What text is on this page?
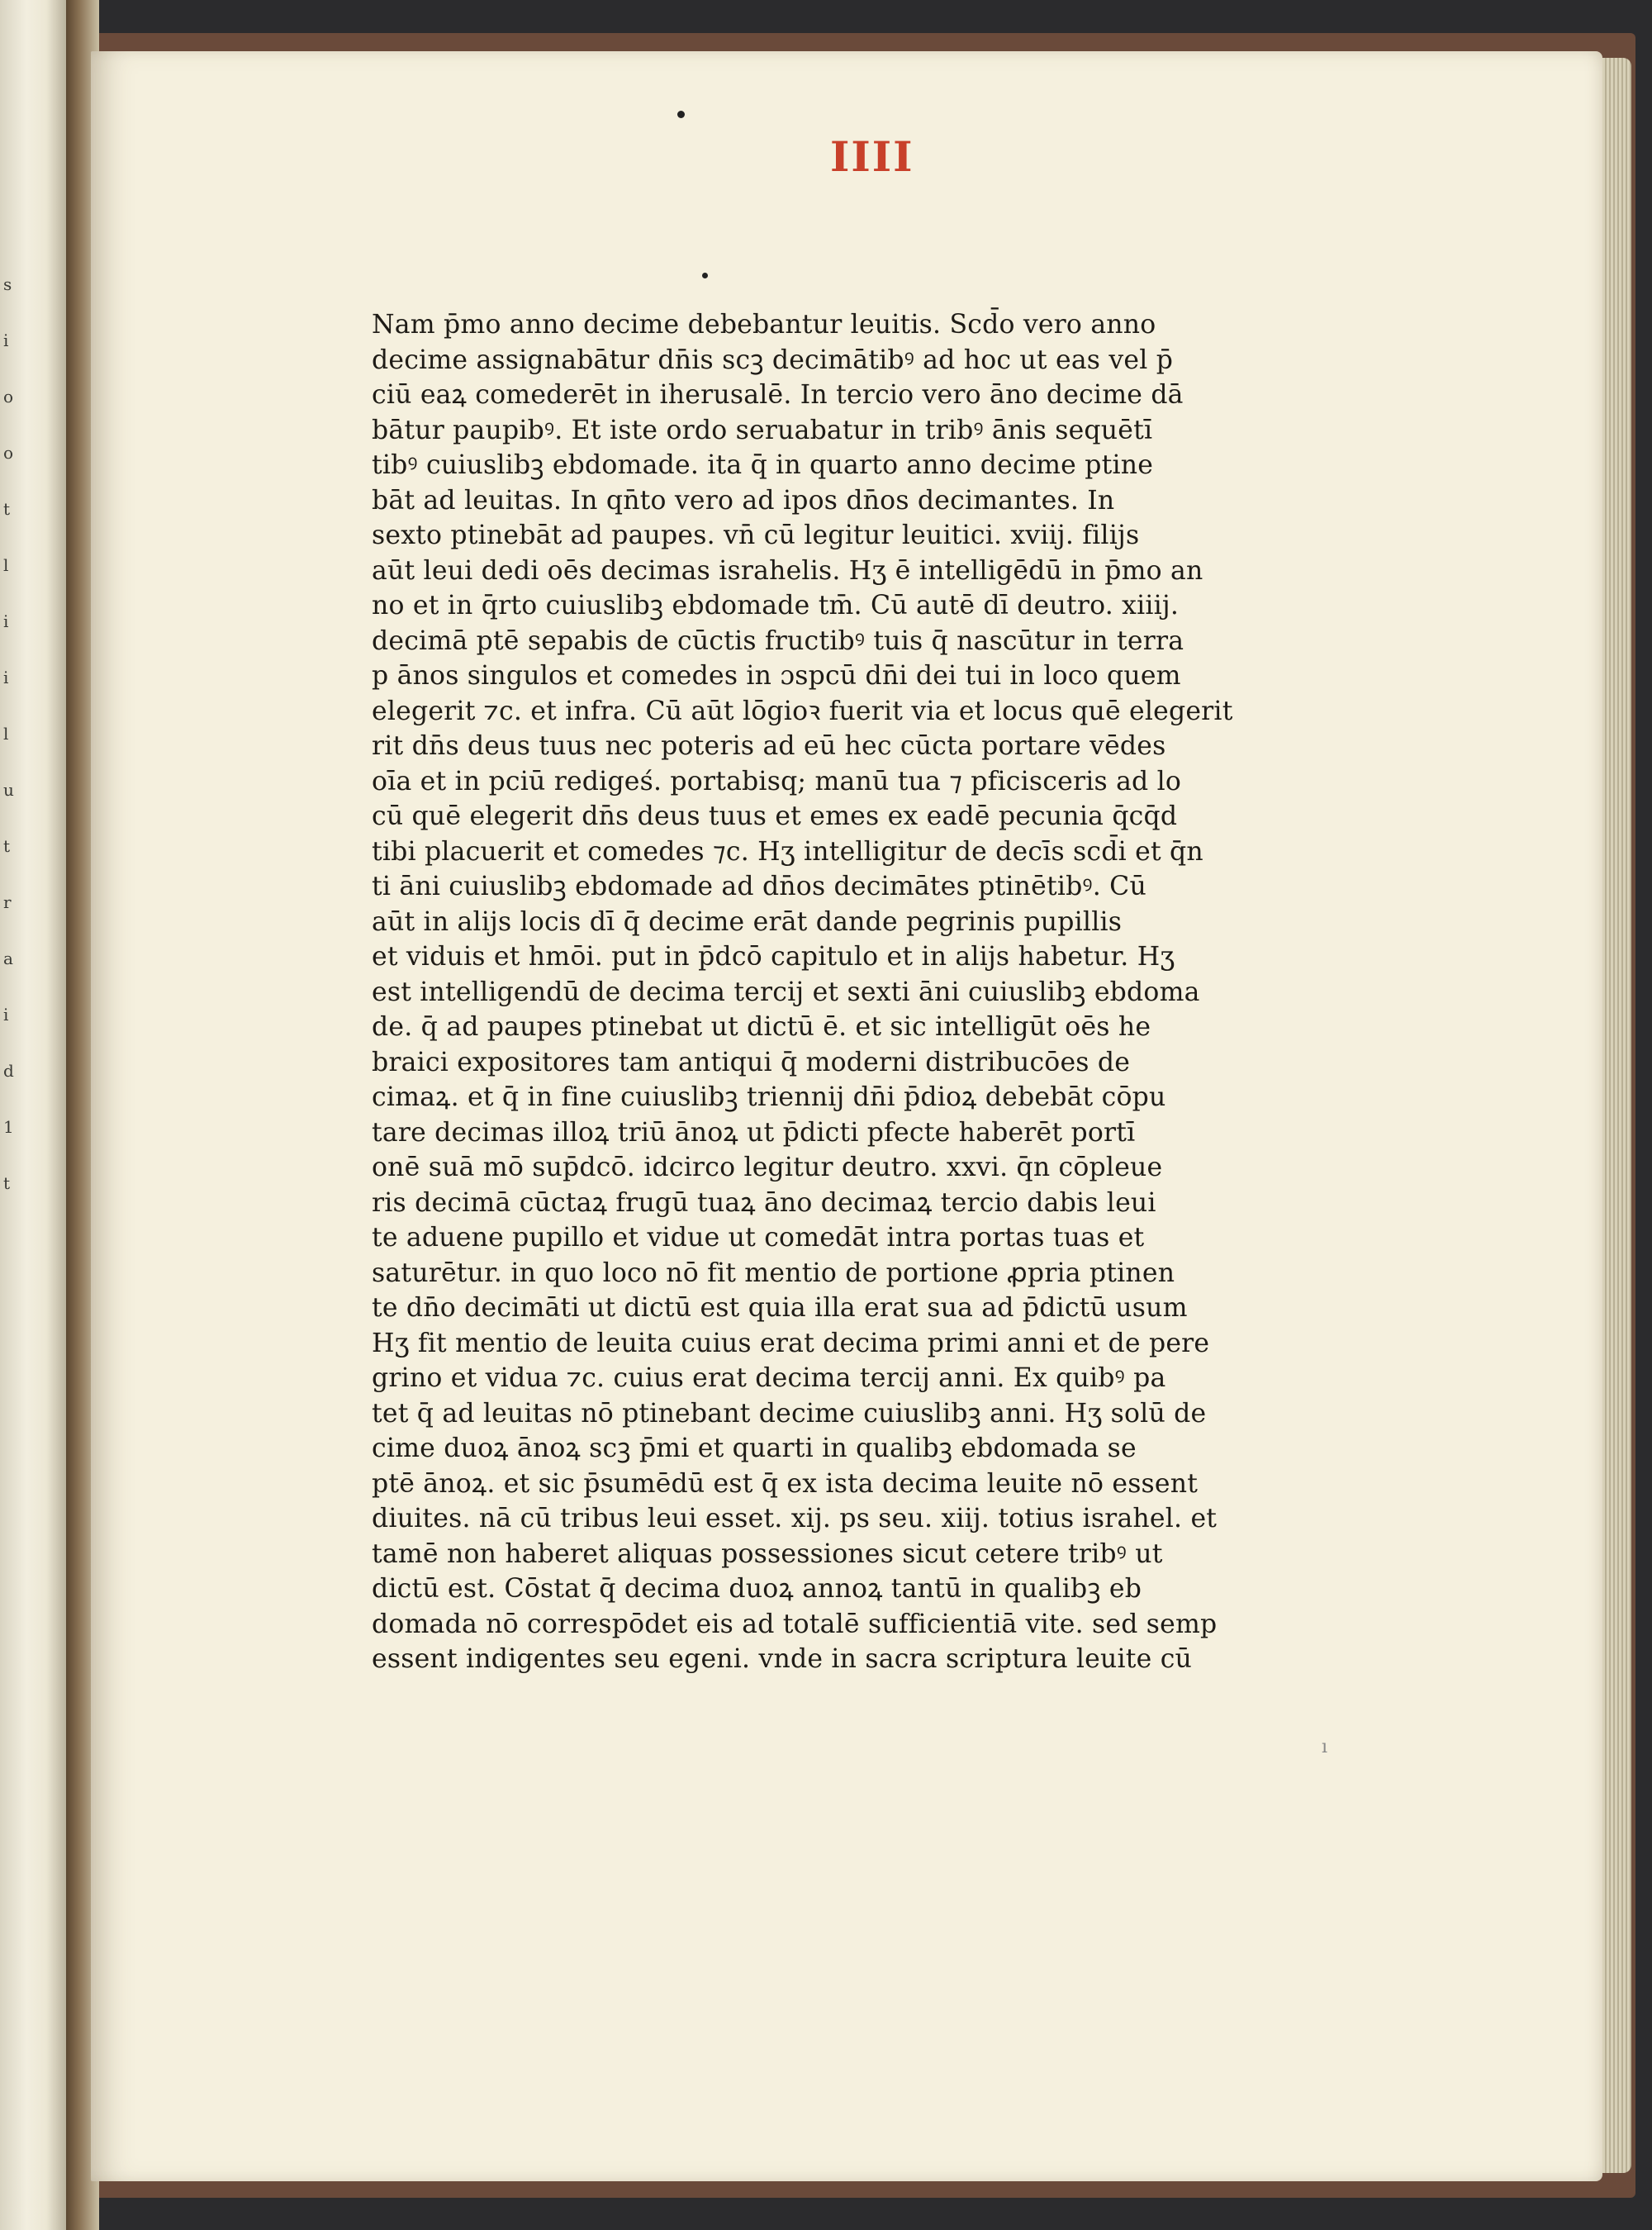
s
i
o
o
t
l
i
i
l
u
t
r
a
i
d
1
t
IIII
Nam p̄mo anno decime debebantur leuitis. Scd̄o vero anno
decime assignabātur dn̄is scꝫ decimātibꝰ ad hoc ut eas vel p̄
ciū eaꝝ comederēt in iherusalē. In tercio vero āno decime dā
bātur paupibꝰ. Et iste ordo seruabatur in tribꝰ ānis sequētī
tibꝰ cuiuslibꝫ ebdomade. ita q̄ in quarto anno decime ptine
bāt ad leuitas. In qn̄to vero ad ipos dn̄os decimantes. In
sexto ptinebāt ad paupes. vn̄ cū legitur leuitici. xviij. filijs
aūt leui dedi oēs decimas israhelis. Hʒ ē intelligēdū in p̄mo an
no et in q̄rto cuiuslibꝫ ebdomade tm̄. Cū autē dī deutro. xiiij.
decimā ptē sepabis de cūctis fructibꝰ tuis q̄ nascūtur in terra
p ānos singulos et comedes in ɔspcū dn̄i dei tui in loco quem
elegerit ⁊c. et infra. Cū aūt lōgioꝛ fuerit via et locus quē elegerit
rit dn̄s deus tuus nec poteris ad eū hec cūcta portare vēdes
oīa et in pciū redigeś. portabisq; manū tua ⁊ pficisceris ad lo
cū quē elegerit dn̄s deus tuus et emes ex eadē pecunia q̄cq̄d
tibi placuerit et comedes ⁊c. Hʒ intelligitur de decīs scd̄i et q̄n
ti āni cuiuslibꝫ ebdomade ad dn̄os decimātes ptinētibꝰ. Cū
aūt in alijs locis dī q̄ decime erāt dande pegrinis pupillis
et viduis et hmōi. put in p̄dcō capitulo et in alijs habetur. Hʒ
est intelligendū de decima tercij et sexti āni cuiuslibꝫ ebdoma
de. q̄ ad paupes ptinebat ut dictū ē. et sic intelligūt oēs he
braici expositores tam antiqui q̄ moderni distribucōes de
cimaꝝ. et q̄ in fine cuiuslibꝫ triennij dn̄i p̄dioꝝ debebāt cōpu
tare decimas illoꝝ triū ānoꝝ ut p̄dicti pfecte haberēt portī
onē suā mō sup̄dcō. idcirco legitur deutro. xxvi. q̄n cōpleue
ris decimā cūctaꝝ frugū tuaꝝ āno decimaꝝ tercio dabis leui
te aduene pupillo et vidue ut comedāt intra portas tuas et
saturētur. in quo loco nō fit mentio de portione ꝓpria ptinen
te dn̄o decimāti ut dictū est quia illa erat sua ad p̄dictū usum
Hʒ fit mentio de leuita cuius erat decima primi anni et de pere
grino et vidua ⁊c. cuius erat decima tercij anni. Ex quibꝰ pa
tet q̄ ad leuitas nō ptinebant decime cuiuslibꝫ anni. Hʒ solū de
cime duoꝝ ānoꝝ scꝫ p̄mi et quarti in qualibꝫ ebdomada se
ptē ānoꝝ. et sic p̄sumēdū est q̄ ex ista decima leuite nō essent
diuites. nā cū tribus leui esset. xij. ps seu. xiij. totius israhel. et
tamē non haberet aliquas possessiones sicut cetere tribꝰ ut
dictū est. Cōstat q̄ decima duoꝝ annoꝝ tantū in qualibꝫ eb
domada nō correspōdet eis ad totalē sufficientiā vite. sed semp
essent indigentes seu egeni. vnde in sacra scriptura leuite cū
ı
